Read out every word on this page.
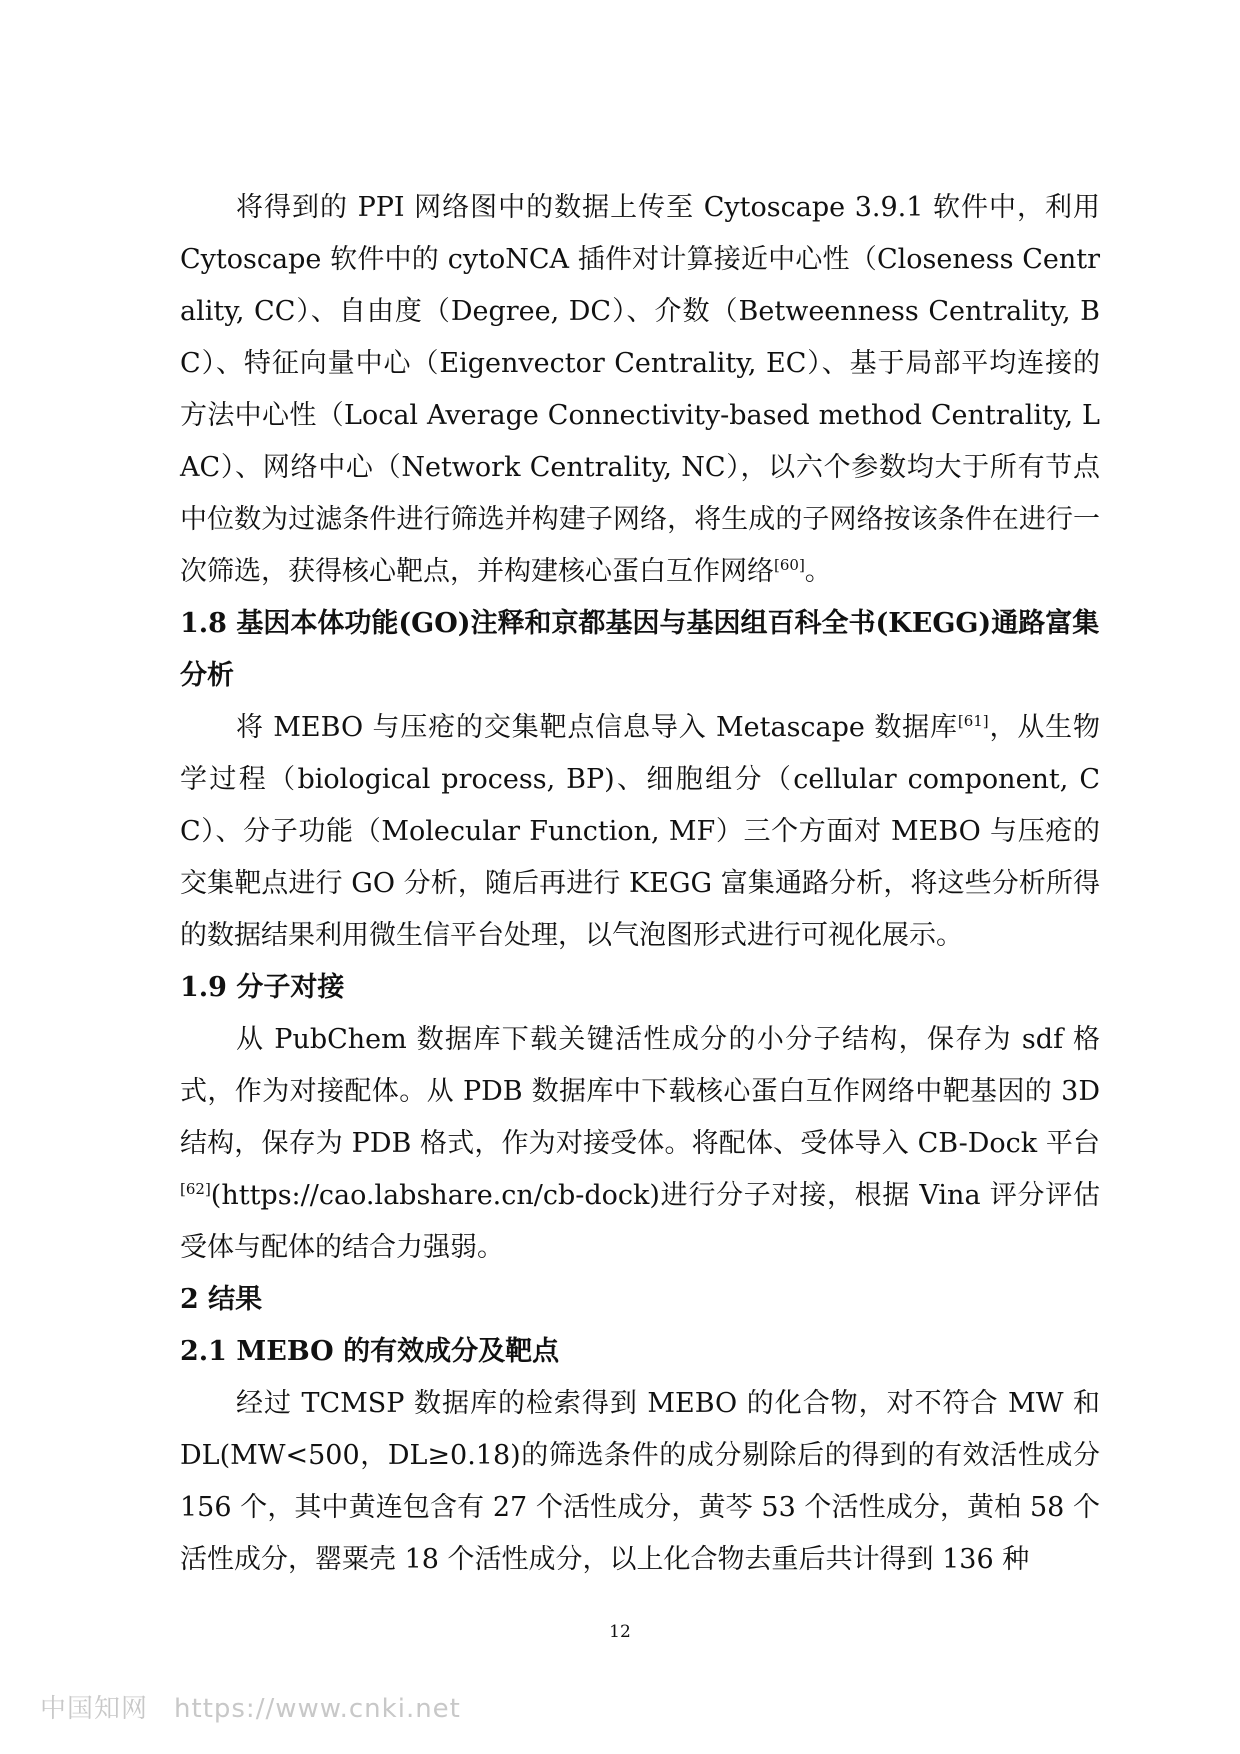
将得到的 PPI 网络图中的数据上传至 Cytoscape 3.9.1 软件中，利用 Cytoscape 软件中的 cytoNCA 插件对计算接近中心性（Closeness Centrality, CC）、自由度（Degree, DC）、介数（Betweenness Centrality, BC）、特征向量中心（Eigenvector Centrality, EC）、基于局部平均连接的方法中心性（Local Average Connectivity-based method Centrality, LAC）、网络中心（Network Centrality, NC），以六个参数均大于所有节点中位数为过滤条件进行筛选并构建子网络，将生成的子网络按该条件在进行一次筛选，获得核心靶点，并构建核心蛋白互作网络[60]。

1.8 基因本体功能(GO)注释和京都基因与基因组百科全书(KEGG)通路富集分析

将 MEBO 与压疮的交集靶点信息导入 Metascape 数据库[61]，从生物学过程（biological process, BP)、细胞组分（cellular component, CC）、分子功能（Molecular Function, MF）三个方面对 MEBO 与压疮的交集靶点进行 GO 分析，随后再进行 KEGG 富集通路分析，将这些分析所得的数据结果利用微生信平台处理，以气泡图形式进行可视化展示。

1.9 分子对接

从 PubChem 数据库下载关键活性成分的小分子结构，保存为 sdf 格式，作为对接配体。从 PDB 数据库中下载核心蛋白互作网络中靶基因的 3D 结构，保存为 PDB 格式，作为对接受体。将配体、受体导入 CB-Dock 平台[62](https://cao.labshare.cn/cb-dock)进行分子对接，根据 Vina 评分评估受体与配体的结合力强弱。

2 结果
2.1 MEBO 的有效成分及靶点

经过 TCMSP 数据库的检索得到 MEBO 的化合物，对不符合 MW 和 DL(MW<500，DL≥0.18)的筛选条件的成分剔除后的得到的有效活性成分 156 个，其中黄连包含有 27 个活性成分，黄芩 53 个活性成分，黄柏 58 个活性成分，罂粟壳 18 个活性成分，以上化合物去重后共计得到 136 种

12
中国知网 https://www.cnki.net
